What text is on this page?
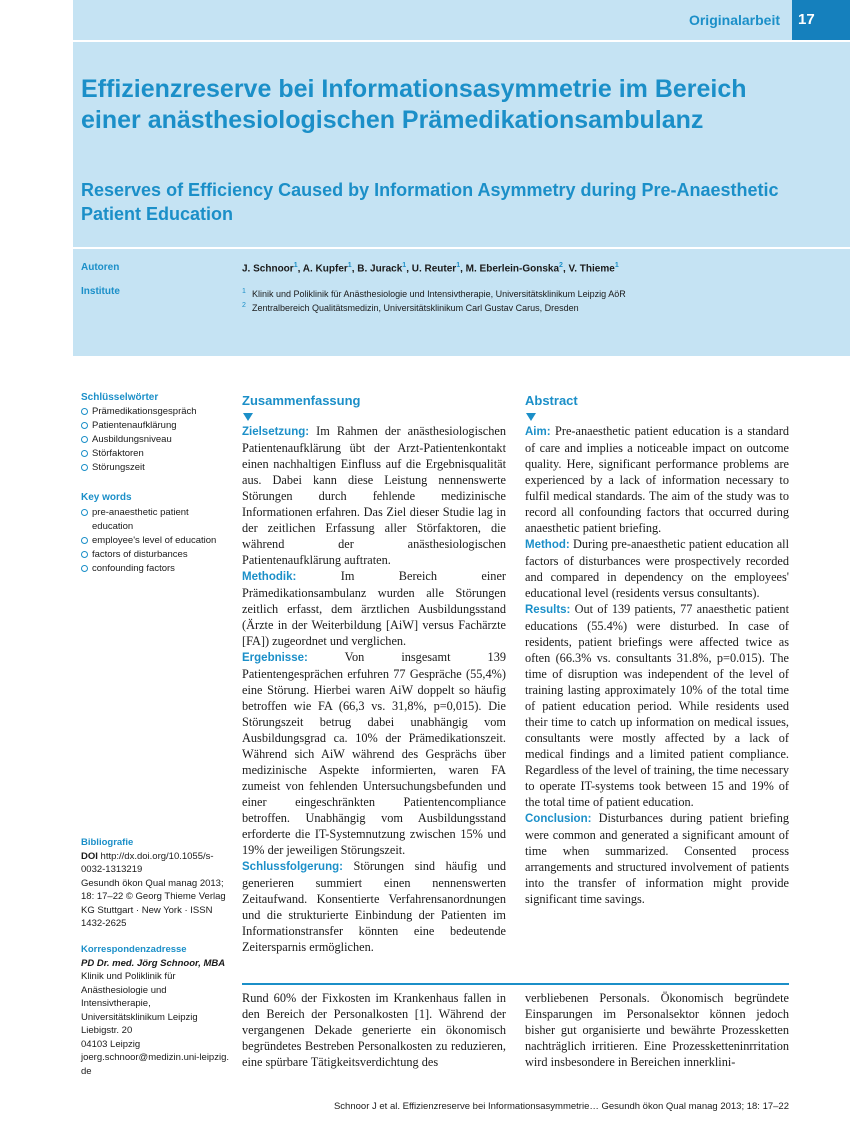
Originalarbeit	17
Effizienzreserve bei Informationsasymmetrie im Bereich einer anästhesiologischen Prämedikationsambulanz
Reserves of Efficiency Caused by Information Asymmetry during Pre-Anaesthetic Patient Education
Autoren	J. Schnoor$^1$, A. Kupfer$^1$, B. Jurack$^1$, U. Reuter$^1$, M. Eberlein-Gonska$^2$, V. Thieme$^1$
Institute	$^1$ Klinik und Poliklinik für Anästhesiologie und Intensivtherapie, Universitätsklinikum Leipzig AöR
$^2$ Zentralbereich Qualitätsmedizin, Universitätsklinikum Carl Gustav Carus, Dresden
Schlüsselwörter
Prämedikationsgespräch
Patientenaufklärung
Ausbildungsniveau
Störfaktoren
Störungszeit
Key words
pre-anaesthetic patient education
employee's level of education
factors of disturbances
confounding factors
Bibliografie
DOI http://dx.doi.org/10.1055/s-0032-1313219
Gesundh ökon Qual manag 2013; 18: 17–22 © Georg Thieme Verlag KG Stuttgart · New York · ISSN 1432-2625
Korrespondenzadresse
PD Dr. med. Jörg Schnoor, MBA
Klinik und Poliklinik für Anästhesiologie und Intensivtherapie,
Universitätsklinikum Leipzig
Liebigstr. 20
04103 Leipzig
joerg.schnoor@medizin.uni-leipzig.de
Zusammenfassung

Zielsetzung: Im Rahmen der anästhesiologischen Patientenaufklärung übt der Arzt-Patientenkontakt einen nachhaltigen Einfluss auf die Ergebnisqualität aus. Dabei kann diese Leistung nennenswerte Störungen durch fehlende medizinische Informationen erfahren. Das Ziel dieser Studie lag in der zeitlichen Erfassung aller Störfaktoren, die während der anästhesiologischen Patientenaufklärung auftraten.
Methodik:	Im Bereich einer Prämedikationsambulanz wurden alle Störungen zeitlich erfasst, dem ärztlichen Ausbildungsstand (Ärzte in der Weiterbildung [AiW] versus Fachärzte [FA]) zugeordnet und verglichen.
Ergebnisse:	Von insgesamt 139 Patientengesprächen erfuhren 77 Gespräche (55,4%) eine Störung. Hierbei waren AiW doppelt so häufig betroffen wie FA (66,3 vs. 31,8%, p=0,015). Die Störungszeit betrug dabei unabhängig vom Ausbildungsgrad ca. 10% der Prämedikationszeit. Während sich AiW während des Gesprächs über medizinische Aspekte informierten, waren FA zumeist von fehlenden Untersuchungsbefunden und einer eingeschränkten Patientencompliance betroffen. Unabhängig vom Ausbildungsstand erforderte die IT-Systemnutzung zwischen 15% und 19% der jeweiligen Störungszeit.
Schlussfolgerung: Störungen sind häufig und generieren summiert einen nennenswerten Zeitaufwand. Konsentierte Verfahrensanordnungen und die strukturierte Einbindung der Patienten im Informationstransfer könnten eine bedeutende Zeitersparnis ermöglichen.

Abstract

Aim: Pre-anaesthetic patient education is a standard of care and implies a noticeable impact on outcome quality. Here, significant performance problems are experienced by a lack of information necessary to fulfil medical standards. The aim of the study was to record all confounding factors that occurred during anaesthetic patient briefing.
Method: During pre-anaesthetic patient education all factors of disturbances were prospectively recorded and compared in dependency on the employees' educational level (residents versus consultants).
Results: Out of 139 patients, 77 anaesthetic patient educations (55.4%) were disturbed. In case of residents, patient briefings were affected twice as often (66.3% vs. consultants 31.8%, p=0.015). The time of disruption was independent of the level of training lasting approximately 10% of the total time of patient education period. While residents used their time to catch up information on medical issues, consultants were mostly affected by a lack of medical findings and a limited patient compliance. Regardless of the level of training, the time necessary to operate IT-systems took between 15 and 19% of the total time of patient education.
Conclusion: Disturbances during patient briefing were common and generated a significant amount of time when summarized. Consented process arrangements and structured involvement of patients into the transfer of information might provide significant time savings.

Rund 60% der Fixkosten im Krankenhaus fallen in den Bereich der Personalkosten [1]. Während der vergangenen Dekade generierte ein ökonomisch begründetes Bestreben Personalkosten zu reduzieren, eine spürbare Tätigkeitsverdichtung des

verbliebenen Personals. Ökonomisch begründete Einsparungen im Personalsektor können jedoch bisher gut organisierte und bewährte Prozessketten nachträglich irritieren. Eine Prozessketteninrritation wird insbesondere in Bereichen innerklini-

Schnoor J et al. Effizienzreserve bei Informationsasymmetrie… Gesundh ökon Qual manag 2013; 18: 17–22
